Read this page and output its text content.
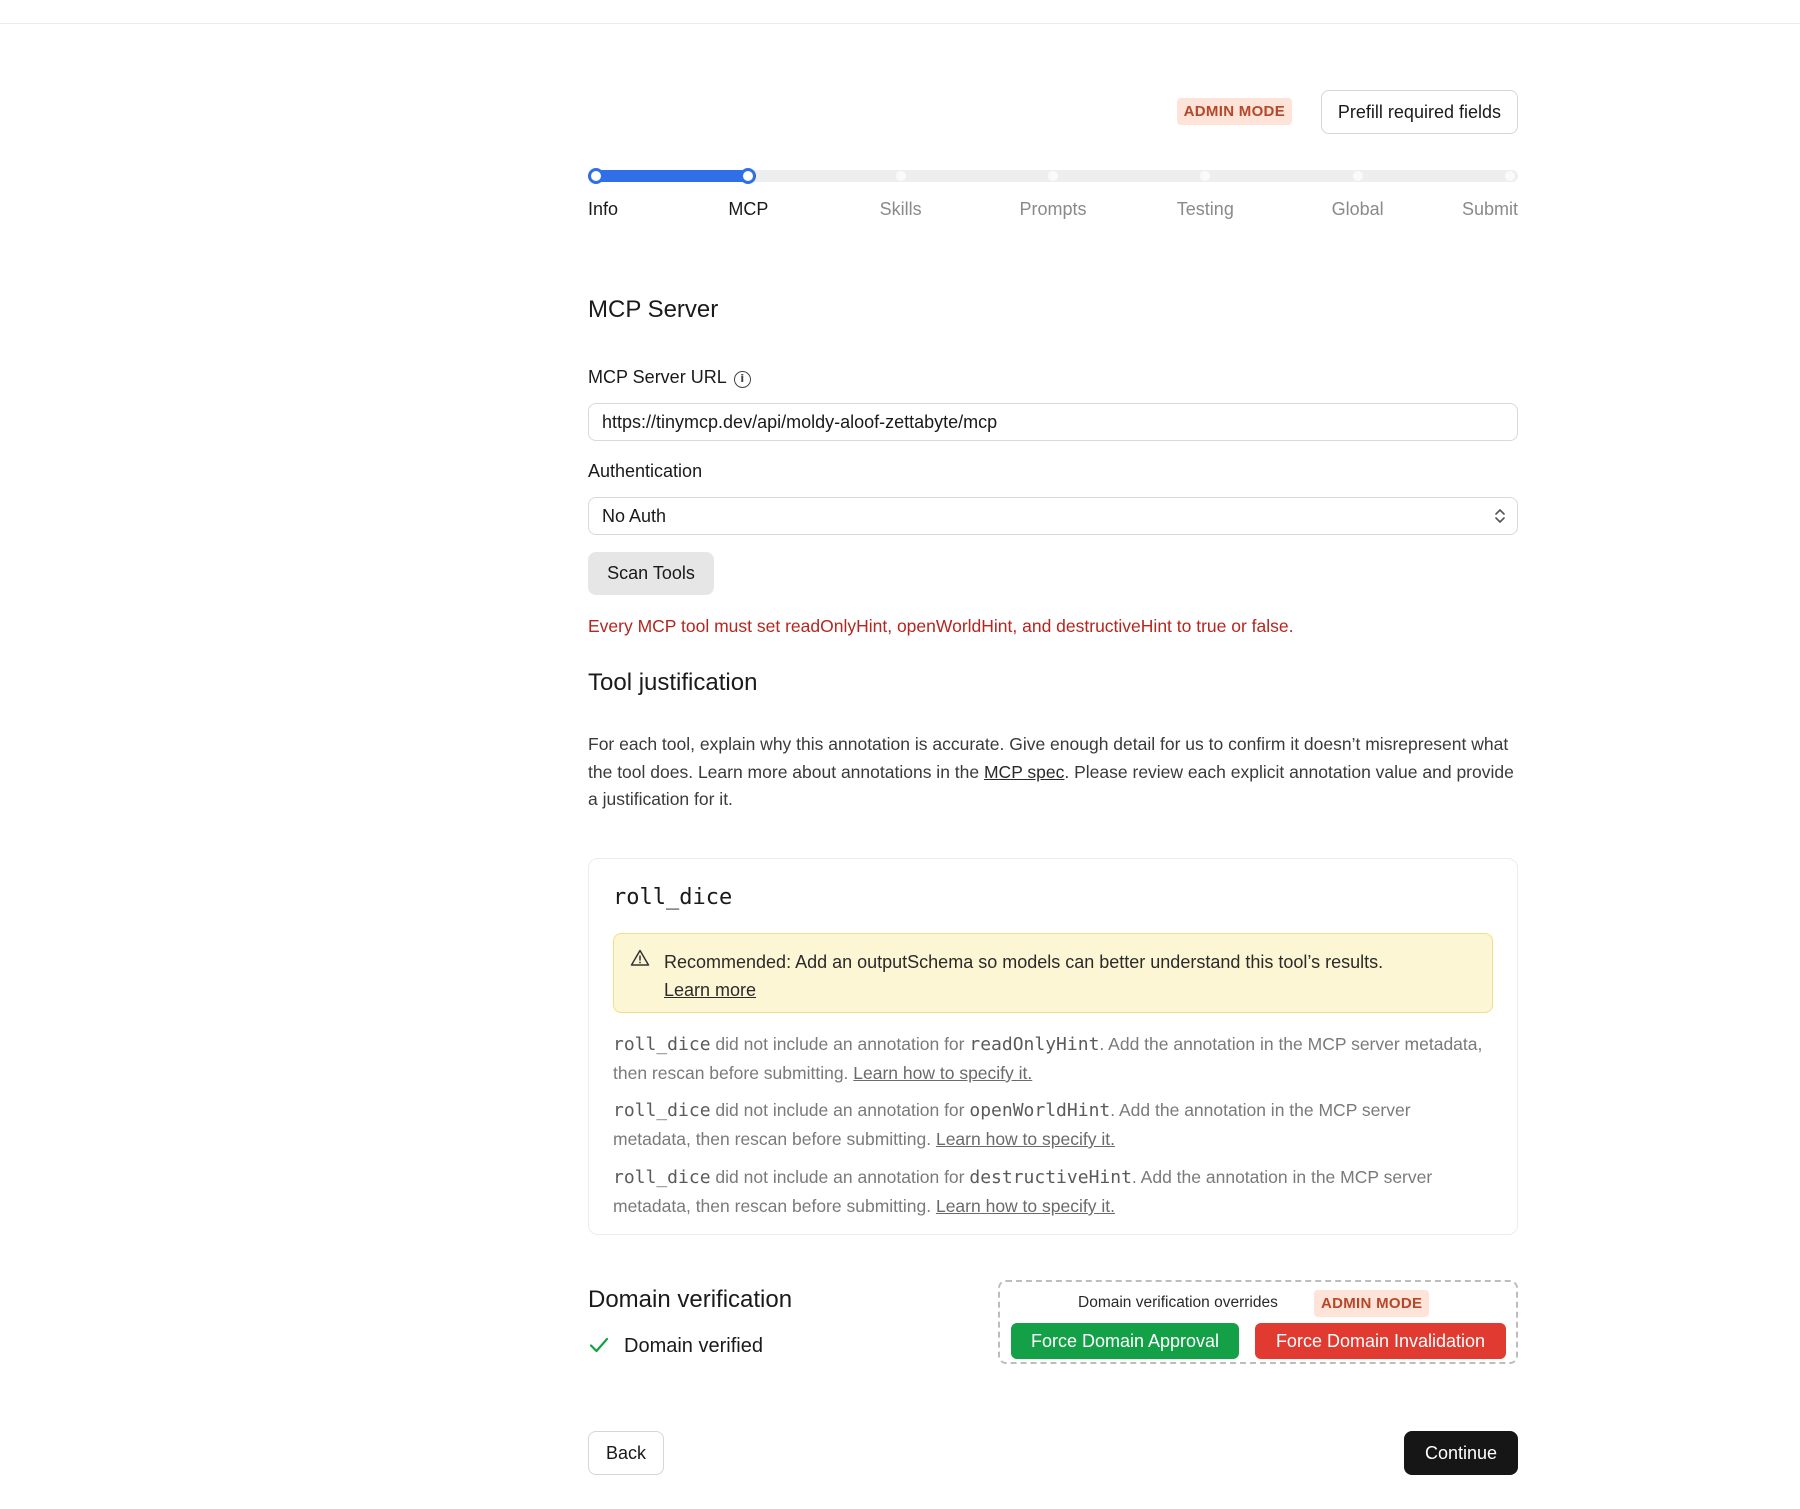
ADMIN MODE	Prefill required fields
Info	MCP	Skills	Prompts	Testing	Global	Submit
MCP Server
MCP Server URL i
https://tinymcp.dev/api/moldy-aloof-zettabyte/mcp
Authentication
No Auth
Scan Tools
Every MCP tool must set readOnlyHint, openWorldHint, and destructiveHint to true or false.
Tool justification
For each tool, explain why this annotation is accurate. Give enough detail for us to confirm it doesn’t misrepresent what the tool does. Learn more about annotations in the MCP spec. Please review each explicit annotation value and provide a justification for it.
roll_dice
Recommended: Add an outputSchema so models can better understand this tool’s results.
Learn more
roll_dice did not include an annotation for readOnlyHint. Add the annotation in the MCP server metadata, then rescan before submitting. Learn how to specify it.
roll_dice did not include an annotation for openWorldHint. Add the annotation in the MCP server metadata, then rescan before submitting. Learn how to specify it.
roll_dice did not include an annotation for destructiveHint. Add the annotation in the MCP server metadata, then rescan before submitting. Learn how to specify it.
Domain verification
Domain verified
Domain verification overrides	ADMIN MODE
Force Domain Approval	Force Domain Invalidation
Back	Continue
